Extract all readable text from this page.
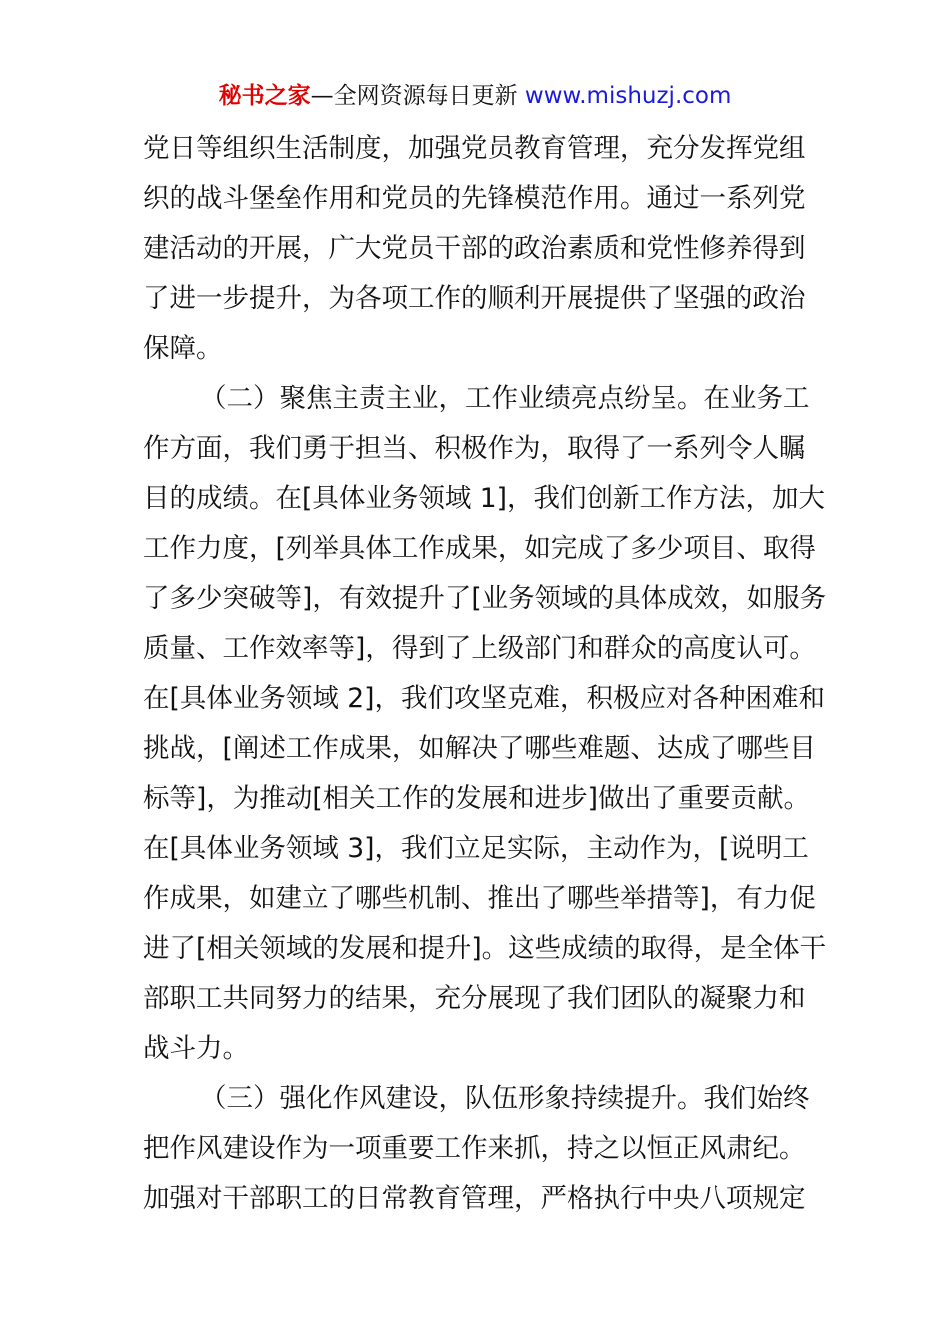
秘书之家—全网资源每日更新 www.mishuzj.com
党日等组织生活制度，加强党员教育管理，充分发挥党组
织的战斗堡垒作用和党员的先锋模范作用。通过一系列党
建活动的开展，广大党员干部的政治素质和党性修养得到
了进一步提升，为各项工作的顺利开展提供了坚强的政治
保障。
（二）聚焦主责主业，工作业绩亮点纷呈。在业务工
作方面，我们勇于担当、积极作为，取得了一系列令人瞩
目的成绩。在[具体业务领域 1]，我们创新工作方法，加大
工作力度，[列举具体工作成果，如完成了多少项目、取得
了多少突破等]，有效提升了[业务领域的具体成效，如服务
质量、工作效率等]，得到了上级部门和群众的高度认可。
在[具体业务领域 2]，我们攻坚克难，积极应对各种困难和
挑战，[阐述工作成果，如解决了哪些难题、达成了哪些目
标等]，为推动[相关工作的发展和进步]做出了重要贡献。
在[具体业务领域 3]，我们立足实际，主动作为，[说明工
作成果，如建立了哪些机制、推出了哪些举措等]，有力促
进了[相关领域的发展和提升]。这些成绩的取得，是全体干
部职工共同努力的结果，充分展现了我们团队的凝聚力和
战斗力。
（三）强化作风建设，队伍形象持续提升。我们始终
把作风建设作为一项重要工作来抓，持之以恒正风肃纪。
加强对干部职工的日常教育管理，严格执行中央八项规定
